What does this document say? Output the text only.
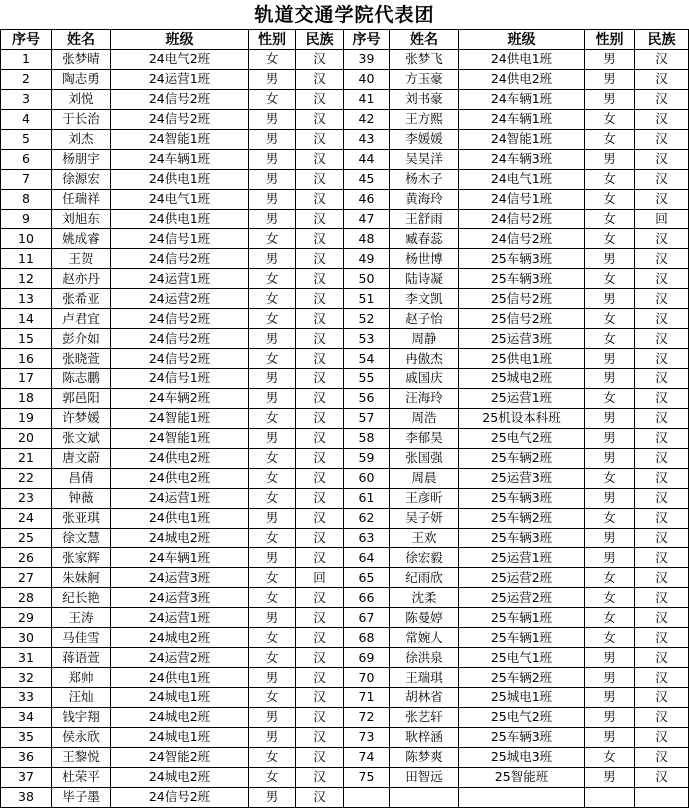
轨道交通学院代表团
序号	姓名	班级	性别	民族	序号	姓名	班级	性别	民族
1	张梦晴	24电气2班	女	汉	39	张梦飞	24供电1班	男	汉
2	陶志勇	24运营1班	男	汉	40	方玉豪	24供电2班	男	汉
3	刘悦	24信号2班	女	汉	41	刘书豪	24车辆1班	男	汉
4	于长治	24信号2班	男	汉	42	王方熙	24车辆1班	女	汉
5	刘杰	24智能1班	男	汉	43	李媛媛	24智能1班	女	汉
6	杨朋宇	24车辆1班	男	汉	44	吴昊洋	24车辆3班	男	汉
7	徐源宏	24供电1班	男	汉	45	杨木子	24电气1班	女	汉
8	任瑞祥	24电气1班	男	汉	46	黄海玲	24信号1班	女	汉
9	刘旭东	24供电1班	男	汉	47	王舒雨	24信号2班	女	回
10	姚成睿	24信号1班	女	汉	48	臧春蕊	24信号2班	女	汉
11	王贺	24信号2班	男	汉	49	杨世博	25车辆3班	男	汉
12	赵亦丹	24运营1班	女	汉	50	陆诗凝	25车辆3班	女	汉
13	张希亚	24运营2班	女	汉	51	李文凯	25信号2班	男	汉
14	卢君宜	24信号2班	女	汉	52	赵子怡	25信号2班	女	汉
15	彭介如	24信号2班	男	汉	53	周静	25运营3班	女	汉
16	张晓萱	24信号2班	女	汉	54	冉傲杰	25供电1班	男	汉
17	陈志鹏	24信号1班	男	汉	55	戚国庆	25城电2班	男	汉
18	郭邑阳	24车辆2班	男	汉	56	汪海玲	25运营1班	女	汉
19	许梦媛	24智能1班	女	汉	57	周浩	25机设本科班	男	汉
20	张文斌	24智能1班	男	汉	58	李郁昊	25电气2班	男	汉
21	唐文蔚	24供电2班	女	汉	59	张国强	25车辆2班	男	汉
22	昌倩	24供电2班	女	汉	60	周晨	25运营3班	女	汉
23	钟薇	24运营1班	女	汉	61	王彦昕	25车辆3班	男	汉
24	张亚琪	24供电1班	男	汉	62	吴子妍	25车辆2班	女	汉
25	徐文慧	24城电2班	女	汉	63	王欢	25车辆3班	男	汉
26	张家辉	24车辆1班	男	汉	64	徐宏毅	25运营1班	男	汉
27	朱妹舸	24运营3班	女	回	65	纪雨欣	25运营2班	女	汉
28	纪长艳	24运营3班	女	汉	66	沈柔	25运营2班	女	汉
29	王涛	24运营1班	男	汉	67	陈曼婷	25车辆1班	女	汉
30	马佳雪	24城电2班	女	汉	68	常婉人	25车辆1班	女	汉
31	蒋语萱	24运营2班	女	汉	69	徐洪泉	25电气1班	男	汉
32	郑帅	24供电1班	男	汉	70	王瑞琪	25车辆2班	男	汉
33	汪灿	24城电1班	女	汉	71	胡林省	25城电1班	男	汉
34	钱宇翔	24城电2班	男	汉	72	张艺轩	25电气2班	男	汉
35	侯永欣	24城电1班	男	汉	73	耿梓涵	25车辆3班	男	汉
36	王黎悦	24智能2班	女	汉	74	陈梦爽	25城电3班	女	汉
37	杜荣平	24城电2班	女	汉	75	田智远	25智能班	男	汉
38	毕子墨	24信号2班	男	汉					
